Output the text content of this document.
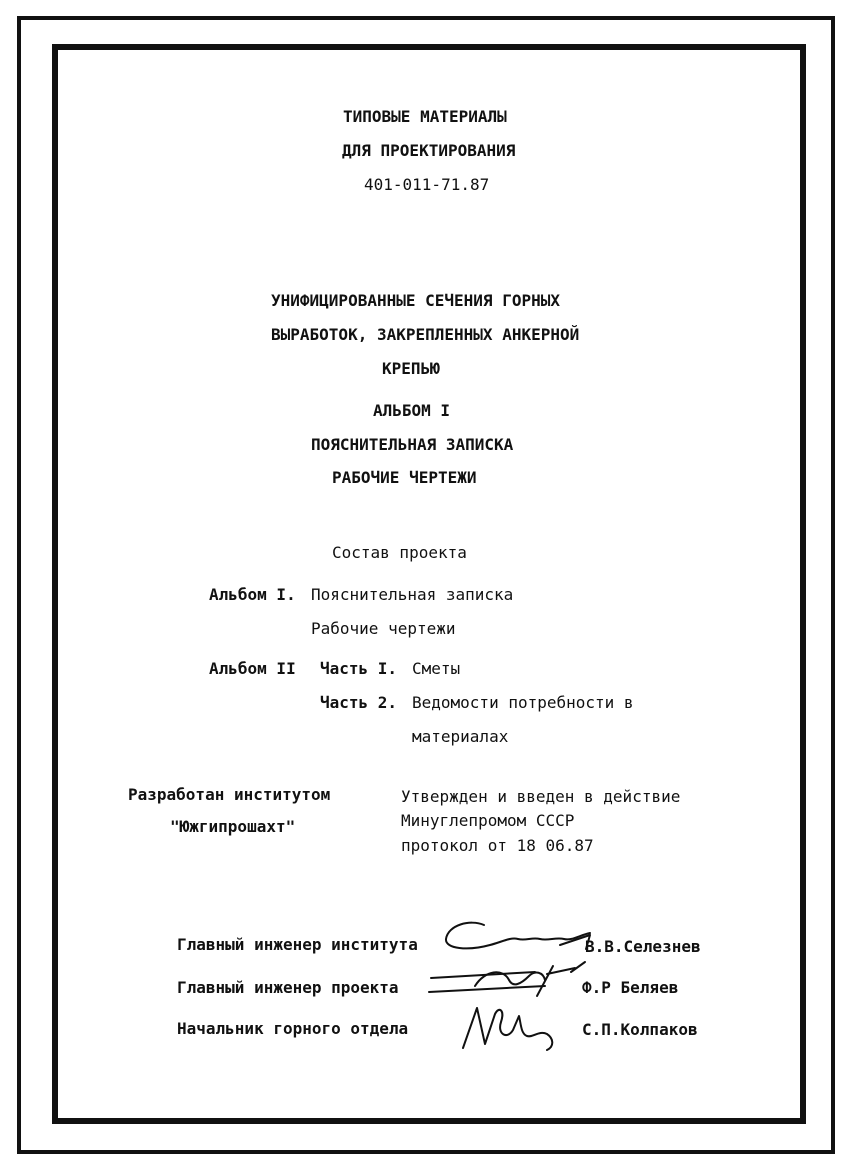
ТИПОВЫЕ МАТЕРИАЛЫ
ДЛЯ ПРОЕКТИРОВАНИЯ
401-011-71.87
УНИФИЦИРОВАННЫЕ СЕЧЕНИЯ ГОРНЫХ
ВЫРАБОТОК, ЗАКРЕПЛЕННЫХ АНКЕРНОЙ
КРЕПЬЮ
АЛЬБОМ I
ПОЯСНИТЕЛЬНАЯ ЗАПИСКА
РАБОЧИЕ ЧЕРТЕЖИ
Состав проекта
Альбом I. Пояснительная записка
Рабочие чертежи
Альбом II Часть I. Сметы
Часть 2. Ведомости потребности в
материалах
Разработан институтом
"Южгипрошахт"
Утвержден и введен в действие
Минуглепромом СССР
протокол от 18 06.87
Главный инженер института	В.В.Селезнев
Главный инженер проекта	Ф.Р Беляев
Начальник горного отдела	С.П.Колпаков
